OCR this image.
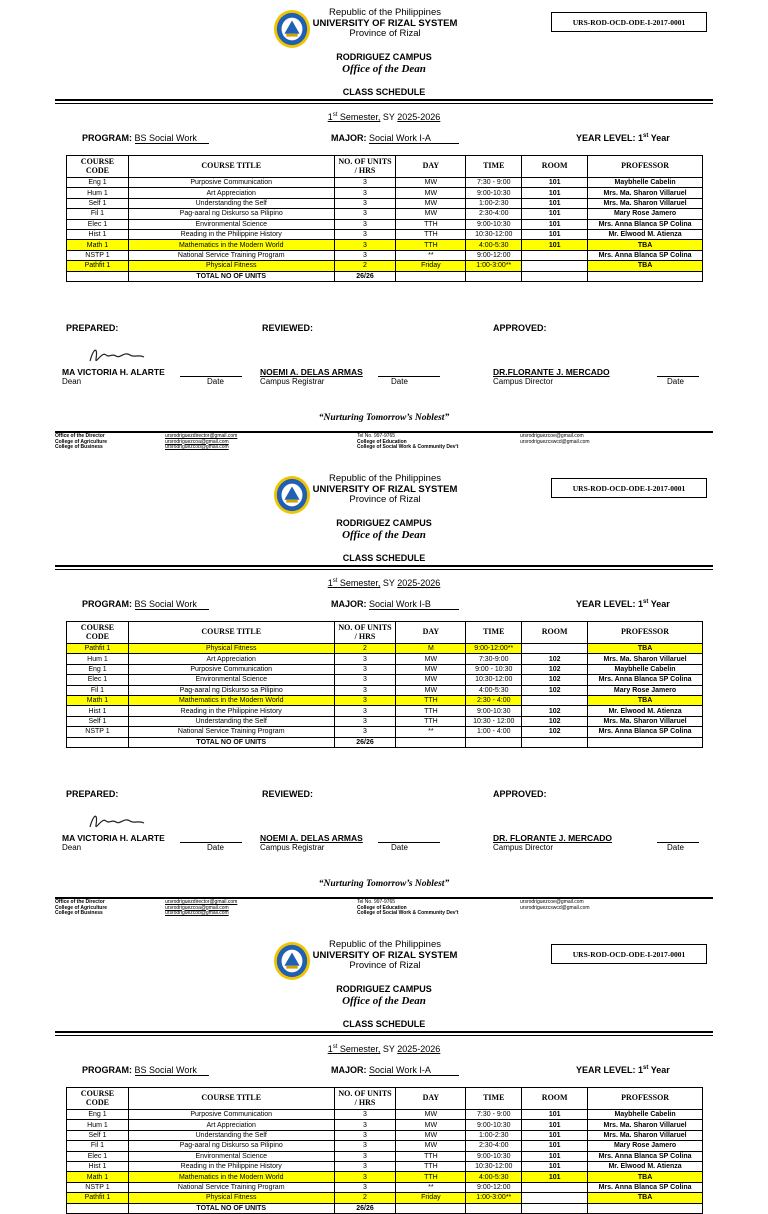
Republic of the Philippines
UNIVERSITY OF RIZAL SYSTEM
Province of Rizal
URS-ROD-OCD-ODE-I-2017-0001
RODRIGUEZ CAMPUS
Office of the Dean
CLASS SCHEDULE
1st Semester, SY 2025-2026
PROGRAM: BS Social Work	MAJOR: Social Work I-A	YEAR LEVEL: 1st Year
COURSE CODE	COURSE TITLE	NO. OF UNITS / HRS	DAY	TIME	ROOM	PROFESSOR
Eng 1	Purposive Communication	3	MW	7:30 - 9:00	101	Maybhelle Cabelin
Hum 1	Art Appreciation	3	MW	9:00-10:30	101	Mrs. Ma. Sharon Villaruel
Self 1	Understanding the Self	3	MW	1:00-2:30	101	Mrs. Ma. Sharon Villaruel
Fil 1	Pag-aaral ng Diskurso sa Pilipino	3	MW	2:30-4:00	101	Mary Rose Jamero
Elec 1	Environmental Science	3	TTH	9:00-10:30	101	Mrs. Anna Blanca SP Colina
Hist 1	Reading in the Philippine History	3	TTH	10:30-12:00	101	Mr. Elwood M. Atienza
Math 1	Mathematics in the Modern World	3	TTH	4:00-5:30	101	TBA
NSTP 1	National Service Training Program	3	**	9:00-12:00		Mrs. Anna Blanca SP Colina
Pathfit 1	Physical Fitness	2	Friday	1:00-3:00**		TBA
	TOTAL NO OF UNITS	26/26				
PREPARED:	REVIEWED:	APPROVED:
MA VICTORIA H. ALARTE
Dean	Date
NOEMI A. DELAS ARMAS
Campus Registrar	Date
DR.FLORANTE J. MERCADO
Campus Director	Date
“Nurturing Tomorrow’s Noblest”
Office of the Director
College of Agriculture
College of Business
ursrodriguezdirector@gmail.com
ursrodriguezcoa@gmail.com
ursrodriguezcob@gmail.com
Tel No. 997-9765
College of Education
College of Social Work & Community Dev't
ursrodriguezcoe@gmail.com
ursrodriguezcswcd@gmail.com
Republic of the Philippines
UNIVERSITY OF RIZAL SYSTEM
Province of Rizal
URS-ROD-OCD-ODE-I-2017-0001
RODRIGUEZ CAMPUS
Office of the Dean
CLASS SCHEDULE
1st Semester, SY 2025-2026
PROGRAM: BS Social Work	MAJOR: Social Work I-B	YEAR LEVEL: 1st Year
COURSE CODE	COURSE TITLE	NO. OF UNITS / HRS	DAY	TIME	ROOM	PROFESSOR
Pathfit 1	Physical Fitness	2	M	9:00-12:00**		TBA
Hum 1	Art Appreciation	3	MW	7:30-9:00	102	Mrs. Ma. Sharon Villaruel
Eng 1	Purposive Communication	3	MW	9:00 - 10:30	102	Maybhelle Cabelin
Elec 1	Environmental Science	3	MW	10:30-12:00	102	Mrs. Anna Blanca SP Colina
Fil 1	Pag-aaral ng Diskurso sa Pilipino	3	MW	4:00-5:30	102	Mary Rose Jamero
Math 1	Mathematics in the Modern World	3	TTH	2:30 - 4:00		TBA
Hist 1	Reading in the Philippine History	3	TTH	9:00-10:30	102	Mr. Elwood M. Atienza
Self 1	Understanding the Self	3	TTH	10:30 - 12:00	102	Mrs. Ma. Sharon Villaruel
NSTP 1	National Service Training Program	3	**	1:00 - 4:00	102	Mrs. Anna Blanca SP Colina
	TOTAL NO OF UNITS	26/26				
PREPARED:	REVIEWED:	APPROVED:
MA VICTORIA H. ALARTE
Dean	Date
NOEMI A. DELAS ARMAS
Campus Registrar	Date
DR. FLORANTE J. MERCADO
Campus Director	Date
“Nurturing Tomorrow’s Noblest”
Office of the Director
College of Agriculture
College of Business
ursrodriguezdirector@gmail.com
ursrodriguezcoa@gmail.com
ursrodriguezcob@gmail.com
Tel No. 997-9765
College of Education
College of Social Work & Community Dev't
ursrodriguezcoe@gmail.com
ursrodriguezcswcd@gmail.com
Republic of the Philippines
UNIVERSITY OF RIZAL SYSTEM
Province of Rizal
URS-ROD-OCD-ODE-I-2017-0001
RODRIGUEZ CAMPUS
Office of the Dean
CLASS SCHEDULE
1st Semester, SY 2025-2026
PROGRAM: BS Social Work	MAJOR: Social Work I-A	YEAR LEVEL: 1st Year
COURSE CODE	COURSE TITLE	NO. OF UNITS / HRS	DAY	TIME	ROOM	PROFESSOR
Eng 1	Purposive Communication	3	MW	7:30 - 9:00	101	Maybhelle Cabelin
Hum 1	Art Appreciation	3	MW	9:00-10:30	101	Mrs. Ma. Sharon Villaruel
Self 1	Understanding the Self	3	MW	1:00-2:30	101	Mrs. Ma. Sharon Villaruel
Fil 1	Pag-aaral ng Diskurso sa Pilipino	3	MW	2:30-4:00	101	Mary Rose Jamero
Elec 1	Environmental Science	3	TTH	9:00-10:30	101	Mrs. Anna Blanca SP Colina
Hist 1	Reading in the Philippine History	3	TTH	10:30-12:00	101	Mr. Elwood M. Atienza
Math 1	Mathematics in the Modern World	3	TTH	4:00-5:30	101	TBA
NSTP 1	National Service Training Program	3	**	9:00-12:00		Mrs. Anna Blanca SP Colina
Pathfit 1	Physical Fitness	2	Friday	1:00-3:00**		TBA
	TOTAL NO OF UNITS	26/26				
